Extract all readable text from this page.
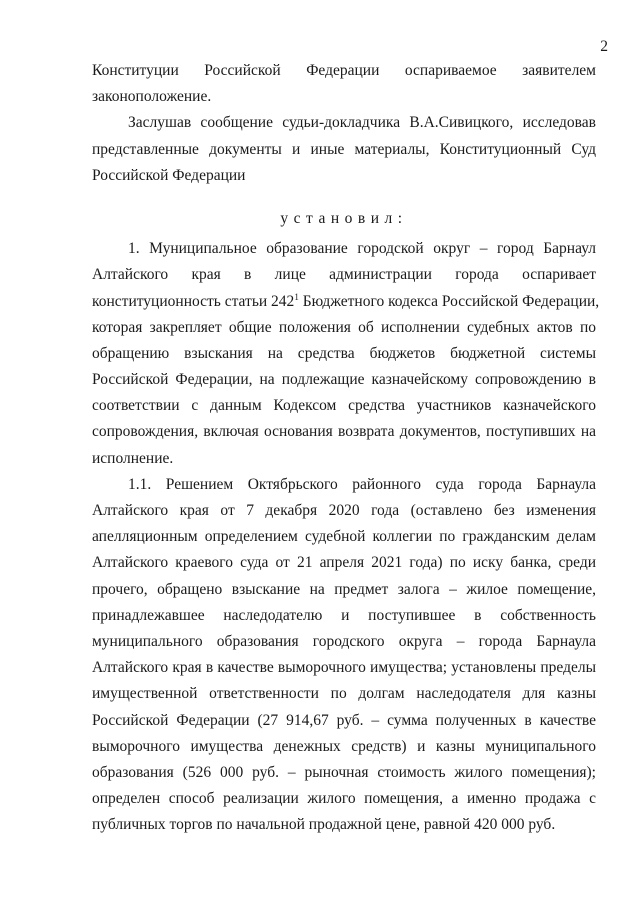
2
Конституции Российской Федерации оспариваемое заявителем
законоположение.
Заслушав сообщение судьи-докладчика В.А.Сивицкого, исследовав
представленные документы и иные материалы, Конституционный Суд
Российской Федерации
установил:
1. Муниципальное образование городской округ – город Барнаул
Алтайского края в лице администрации города оспаривает
конституционность статьи $242^1$ Бюджетного кодекса Российской Федерации,
которая закрепляет общие положения об исполнении судебных актов по
обращению взыскания на средства бюджетов бюджетной системы
Российской Федерации, на подлежащие казначейскому сопровождению в
соответствии с данным Кодексом средства участников казначейского
сопровождения, включая основания возврата документов, поступивших на
исполнение.
1.1. Решением Октябрьского районного суда города Барнаула
Алтайского края от 7 декабря 2020 года (оставлено без изменения
апелляционным определением судебной коллегии по гражданским делам
Алтайского краевого суда от 21 апреля 2021 года) по иску банка, среди
прочего, обращено взыскание на предмет залога – жилое помещение,
принадлежавшее наследодателю и поступившее в собственность
муниципального образования городского округа – города Барнаула
Алтайского края в качестве выморочного имущества; установлены пределы
имущественной ответственности по долгам наследодателя для казны
Российской Федерации (27 914,67 руб. – сумма полученных в качестве
выморочного имущества денежных средств) и казны муниципального
образования (526 000 руб. – рыночная стоимость жилого помещения);
определен способ реализации жилого помещения, а именно продажа с
публичных торгов по начальной продажной цене, равной 420 000 руб.
